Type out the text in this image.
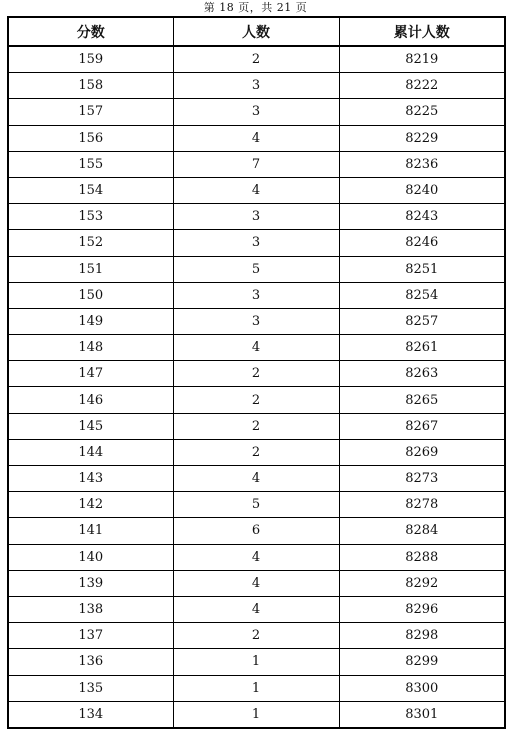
第 18 页，共 21 页
分数	人数	累计人数
159	2	8219
158	3	8222
157	3	8225
156	4	8229
155	7	8236
154	4	8240
153	3	8243
152	3	8246
151	5	8251
150	3	8254
149	3	8257
148	4	8261
147	2	8263
146	2	8265
145	2	8267
144	2	8269
143	4	8273
142	5	8278
141	6	8284
140	4	8288
139	4	8292
138	4	8296
137	2	8298
136	1	8299
135	1	8300
134	1	8301
